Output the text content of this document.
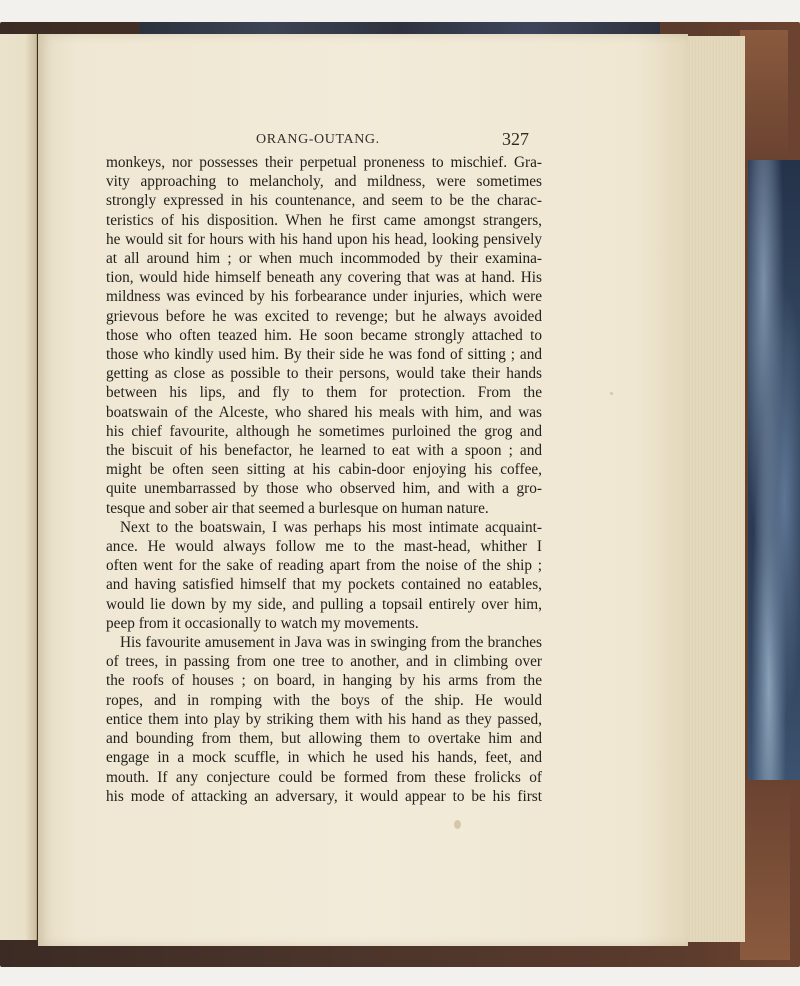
ORANG-OUTANG.	327
monkeys, nor possesses their perpetual proneness to mischief. Gra-
vity approaching to melancholy, and mildness, were sometimes
strongly expressed in his countenance, and seem to be the charac-
teristics of his disposition. When he first came amongst strangers,
he would sit for hours with his hand upon his head, looking pensively
at all around him ; or when much incommoded by their examina-
tion, would hide himself beneath any covering that was at hand. His
mildness was evinced by his forbearance under injuries, which were
grievous before he was excited to revenge; but he always avoided
those who often teazed him. He soon became strongly attached to
those who kindly used him. By their side he was fond of sitting ; and
getting as close as possible to their persons, would take their hands
between his lips, and fly to them for protection. From the
boatswain of the Alceste, who shared his meals with him, and was
his chief favourite, although he sometimes purloined the grog and
the biscuit of his benefactor, he learned to eat with a spoon ; and
might be often seen sitting at his cabin-door enjoying his coffee,
quite unembarrassed by those who observed him, and with a gro-
tesque and sober air that seemed a burlesque on human nature.
Next to the boatswain, I was perhaps his most intimate acquaint-
ance. He would always follow me to the mast-head, whither I
often went for the sake of reading apart from the noise of the ship ;
and having satisfied himself that my pockets contained no eatables,
would lie down by my side, and pulling a topsail entirely over him,
peep from it occasionally to watch my movements.
His favourite amusement in Java was in swinging from the branches
of trees, in passing from one tree to another, and in climbing over
the roofs of houses ; on board, in hanging by his arms from the
ropes, and in romping with the boys of the ship. He would
entice them into play by striking them with his hand as they passed,
and bounding from them, but allowing them to overtake him and
engage in a mock scuffle, in which he used his hands, feet, and
mouth. If any conjecture could be formed from these frolicks of
his mode of attacking an adversary, it would appear to be his first
